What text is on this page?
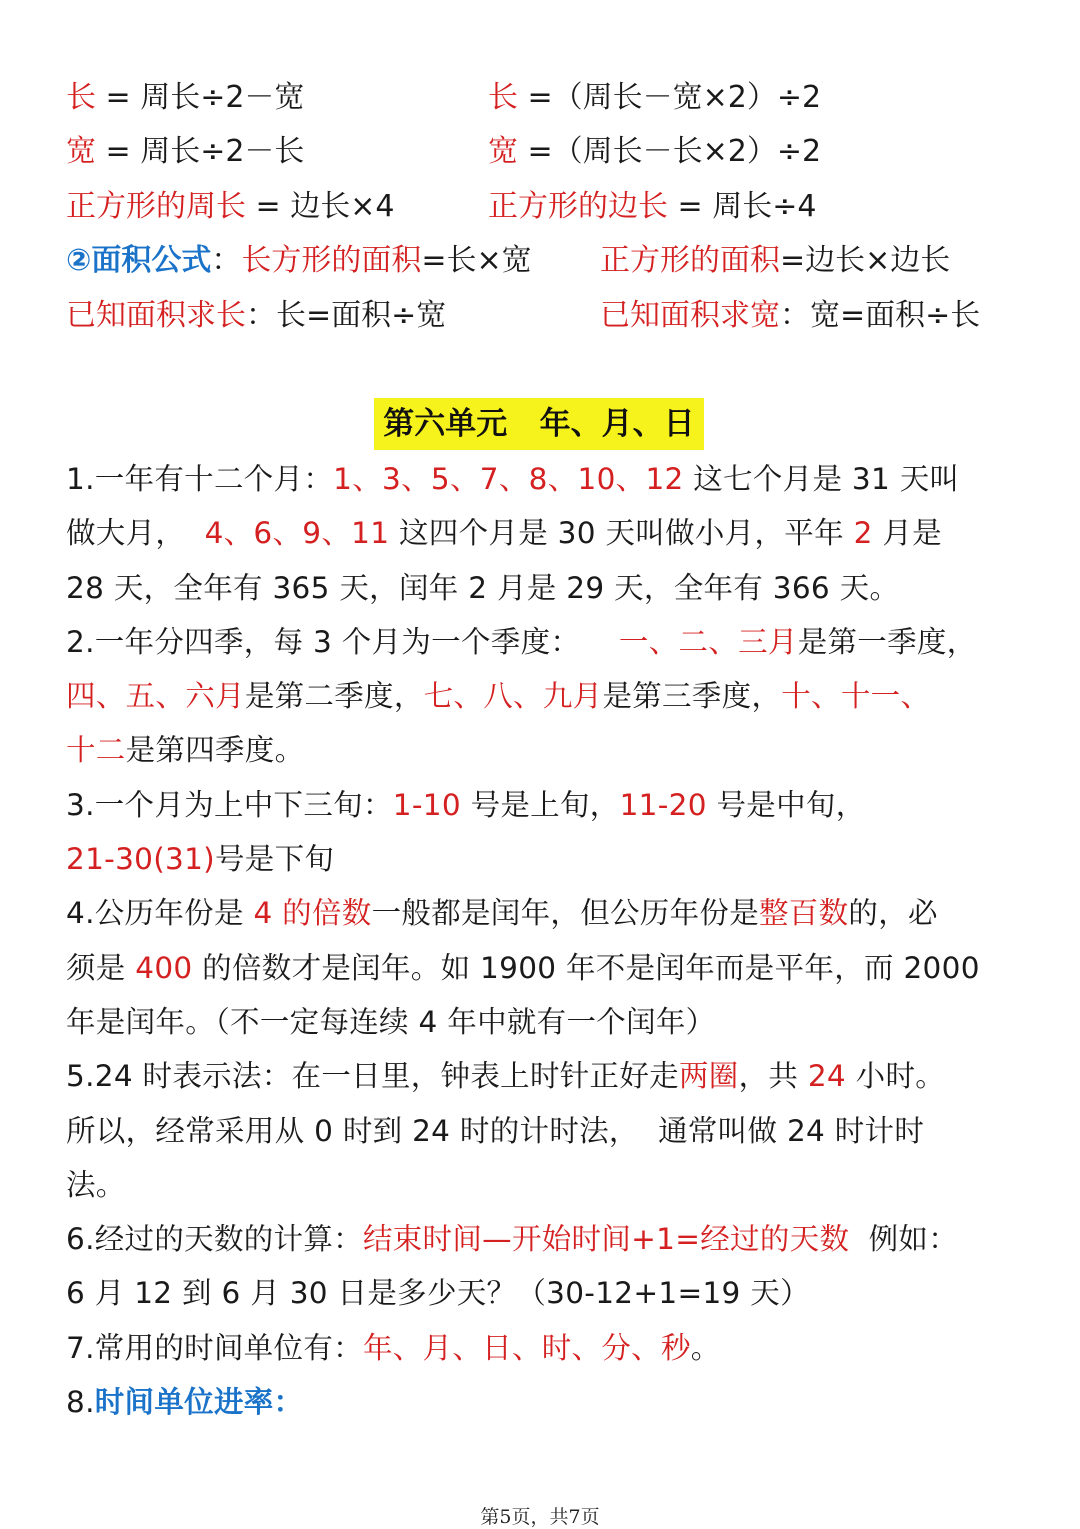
长 = 周长÷2－宽	长 =（周长－宽×2）÷2
宽 = 周长÷2－长	宽 =（周长－长×2）÷2
正方形的周长 = 边长×4	正方形的边长 = 周长÷4
②面积公式：长方形的面积=长×宽 正方形的面积=边长×边长
已知面积求长：长=面积÷宽	已知面积求宽：宽=面积÷长
第六单元   年、月、日
1.一年有十二个月：1、3、5、7、8、10、12 这七个月是 31 天叫
做大月，  4、6、9、11 这四个月是 30 天叫做小月，平年 2 月是
28 天，全年有 365 天，闰年 2 月是 29 天，全年有 366 天。
2.一年分四季，每 3 个月为一个季度：    一、二、三月是第一季度，
四、五、六月是第二季度，七、八、九月是第三季度，十、十一、
十二是第四季度。
3.一个月为上中下三旬：1-10 号是上旬，11-20 号是中旬，
21-30(31)号是下旬
4.公历年份是 4 的倍数一般都是闰年，但公历年份是整百数的，必
须是 400 的倍数才是闰年。如 1900 年不是闰年而是平年，而 2000
年是闰年。（不一定每连续 4 年中就有一个闰年）
5.24 时表示法：在一日里，钟表上时针正好走两圈，共 24 小时。
所以，经常采用从 0 时到 24 时的计时法，  通常叫做 24 时计时
法。
6.经过的天数的计算：结束时间—开始时间+1=经过的天数  例如：
6 月 12 到 6 月 30 日是多少天？（30-12+1=19 天）
7.常用的时间单位有：年、月、日、时、分、秒。
8.时间单位进率：
第5页，共7页
